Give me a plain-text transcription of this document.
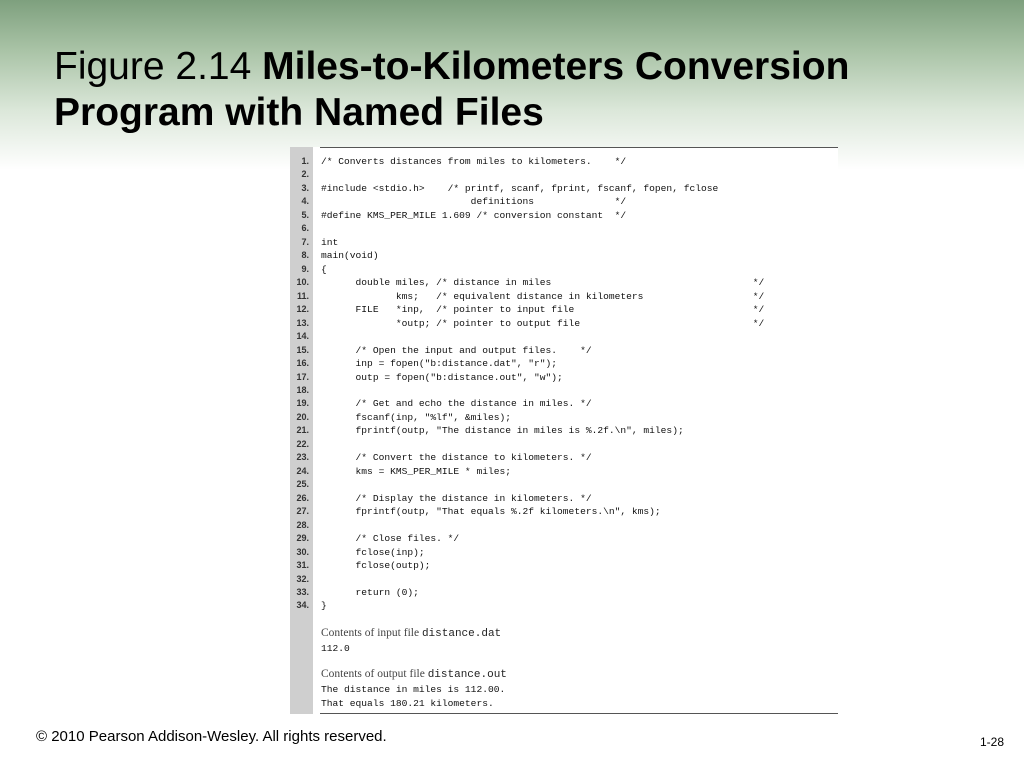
Figure 2.14 Miles-to-Kilometers Conversion Program with Named Files
1. /* Converts distances from miles to kilometers.    */
2.
3. #include <stdio.h>    /* printf, scanf, fprint, fscanf, fopen, fclose
4. definitions              */
5. #define KMS_PER_MILE 1.609 /* conversion constant  */
6.
7. int
8. main(void)
9. {
10. double miles, /* distance in miles                                   */
11. kms;   /* equivalent distance in kilometers                   */
12. FILE   *inp,  /* pointer to input file                               */
13. *outp; /* pointer to output file                              */
14.
15. /* Open the input and output files.    */
16. inp = fopen("b:distance.dat", "r");
17. outp = fopen("b:distance.out", "w");
18.
19. /* Get and echo the distance in miles. */
20. fscanf(inp, "%lf", &miles);
21. fprintf(outp, "The distance in miles is %.2f.\n", miles);
22.
23. /* Convert the distance to kilometers. */
24. kms = KMS_PER_MILE * miles;
25.
26. /* Display the distance in kilometers. */
27. fprintf(outp, "That equals %.2f kilometers.\n", kms);
28.
29. /* Close files. */
30. fclose(inp);
31. fclose(outp);
32.
33. return (0);
34. }
Contents of input file distance.dat
112.0
Contents of output file distance.out
The distance in miles is 112.00.
That equals 180.21 kilometers.
© 2010 Pearson Addison-Wesley. All rights reserved.	1-28
